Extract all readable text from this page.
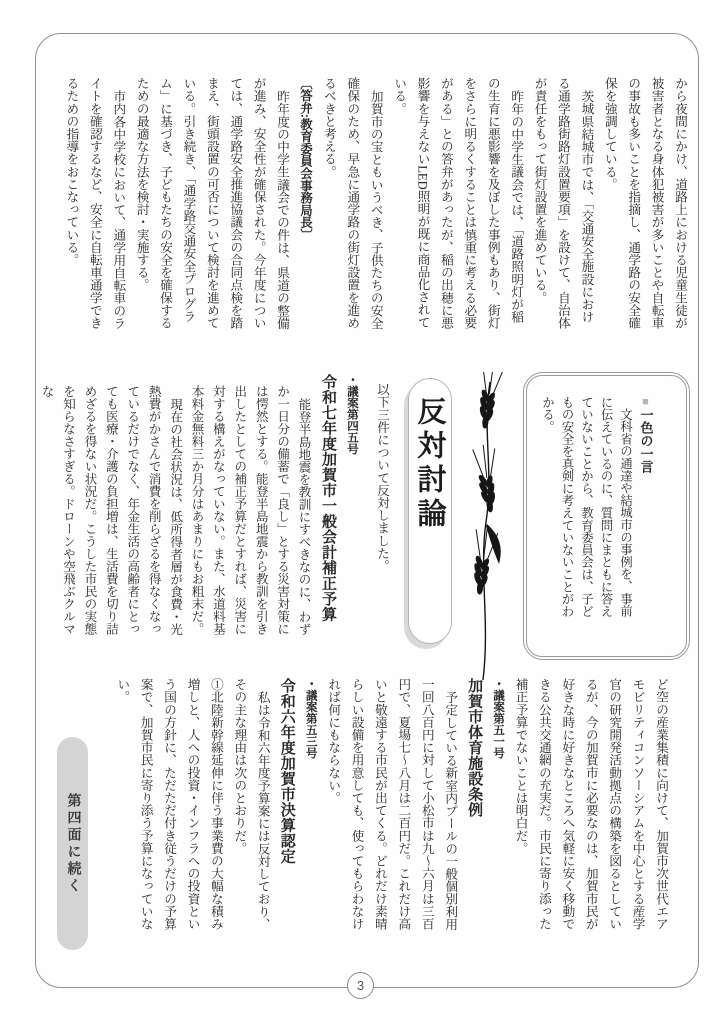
から夜間にかけ、道路上における児童生徒が被害者となる身体犯被害が多いことや自転車の事故も多いことを指摘し、通学路の安全確保を強調している。

茨城県結城市では、「交通安全施設における通学路街路灯設置要項」を設けて、自治体が責任をもって街灯設置を進めている。

昨年の中学生議会では、「道路照明灯が稲の生育に悪影響を及ぼした事例もあり、街灯をさらに明るくすることは慎重に考える必要がある」との答弁があったが、稲の出穂に悪影響を与えないLED照明が既に商品化されている。

加賀市の宝ともいうべき、子供たちの安全確保のため、早急に通学路の街灯設置を進めるべきと考える。

〔答弁:教育委員会事務局長〕

昨年度の中学生議会での件は、県道の整備が進み、安全性が確保された。今年度については、通学路安全推進協議会の合同点検を踏まえ、街頭設置の可否について検討を進めている。引き続き、「通学路交通安全プログラム」に基づき、子どもたちの安全を確保するための最適な方法を検討・実施する。

市内各中学校において、通学用自転車のライトを確認するなど、安全に自転車通学できるための指導をおこなっている。

■一色の一言

文科省の通達や結城市の事例を、事前に伝えているのに、質問にまともに答えていないことから、教育委員会は、子どもの安全を真剣に考えていないことがわかる。

反対討論

以下三件について反対しました。

・議案第四五号

令和七年度加賀市一般会計補正予算

能登半島地震を教訓にすべきなのに、わずか一日分の備蓄で「良し」とする災害対策には愕然とする。能登半島地震から教訓を引き出したとしての補正予算だとすれば、災害に対する構えがなっていない。また、水道料基本料金無料三か月分はあまりにもお粗末だ。

現在の社会状況は、低所得者層が食費・光熱費がかさんで消費を削らざるを得なくなっているだけでなく、年金生活の高齢者にとっても医療・介護の負担増は、生活費を切り詰めざるを得ない状況だ。こうした市民の実態を知らなさすぎる。ドローンや空飛ぶクルマな

ど空の産業集積に向けて、加賀市次世代エアモビリティコンソーシアムを中心とする産学官の研究開発活動拠点の構築を図るとしているが、今の加賀市に必要なのは、加賀市民が好きな時に好きなところへ気軽に安く移動できる公共交通網の充実だ。市民に寄り添った補正予算でないことは明白だ。

・議案第五一号

加賀市体育施設条例

予定している新室内プールの一般個別利用一回八百円に対して小松市は九〜六月は三百円で、夏場七〜八月は二百円だ。これだけ高いと敬遠する市民が出てくる。どれだけ素晴らしい設備を用意しても、使ってもらわなければ何にもならない。

・議案第五三号

令和六年度加賀市決算認定

私は令和六年度予算案には反対しており、その主な理由は次のとおりだ。

①北陸新幹線延伸に伴う事業費の大幅な積み増しと、人への投資・インフラへの投資という国の方針に、ただただ付き従うだけの予算案で、加賀市民に寄り添う予算になっていない。

第四面に続く
3
